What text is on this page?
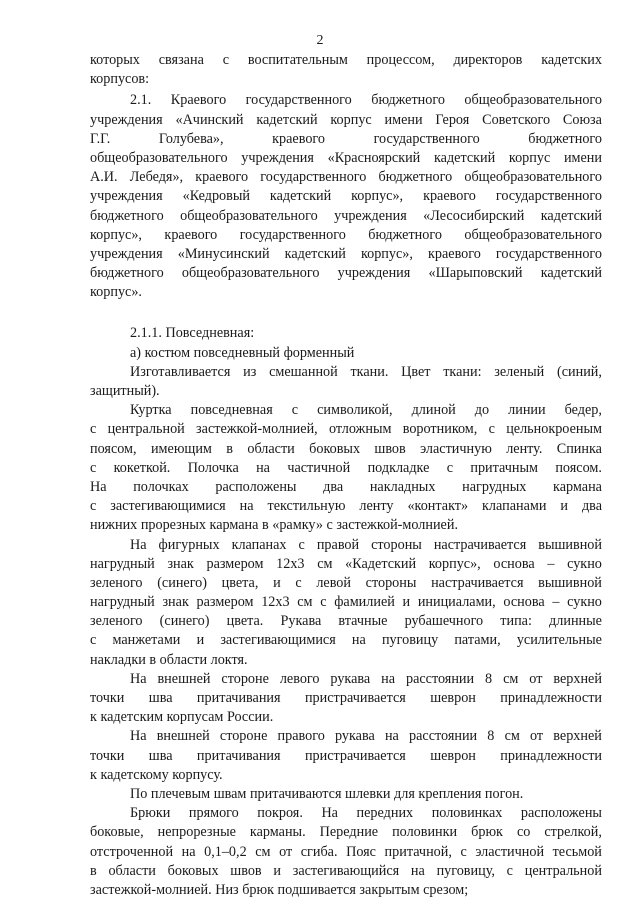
2
которых связана с воспитательным процессом, директоров кадетских
корпусов:
2.1. Краевого государственного бюджетного общеобразовательного
учреждения «Ачинский кадетский корпус имени Героя Советского Союза
Г.Г.	Голубева»,	краевого	государственного	бюджетного
общеобразовательного учреждения «Красноярский кадетский корпус имени
А.И. Лебедя», краевого государственного бюджетного общеобразовательного
учреждения «Кедровый кадетский корпус», краевого государственного
бюджетного общеобразовательного учреждения «Лесосибирский кадетский
корпус», краевого государственного бюджетного общеобразовательного
учреждения «Минусинский кадетский корпус», краевого государственного
бюджетного общеобразовательного учреждения «Шарыповский кадетский
корпус».
2.1.1. Повседневная:
а) костюм повседневный форменный
Изготавливается из смешанной ткани. Цвет ткани: зеленый (синий,
защитный).
Куртка повседневная с символикой, длиной до линии бедер,
с центральной застежкой-молнией, отложным воротником, с цельнокроеным
поясом, имеющим в области боковых швов эластичную ленту. Спинка
с кокеткой. Полочка на частичной подкладке с притачным поясом.
На полочках расположены два накладных нагрудных кармана
с застегивающимися на текстильную ленту «контакт» клапанами и два
нижних прорезных кармана в «рамку» с застежкой-молнией.
На фигурных клапанах с правой стороны настрачивается вышивной
нагрудный знак размером 12х3 см «Кадетский корпус», основа – сукно
зеленого (синего) цвета, и с левой стороны настрачивается вышивной
нагрудный знак размером 12х3 см с фамилией и инициалами, основа – сукно
зеленого (синего) цвета. Рукава втачные рубашечного типа: длинные
с манжетами и застегивающимися на пуговицу патами, усилительные
накладки в области локтя.
На внешней стороне левого рукава на расстоянии 8 см от верхней
точки шва притачивания пристрачивается шеврон принадлежности
к кадетским корпусам России.
На внешней стороне правого рукава на расстоянии 8 см от верхней
точки шва притачивания пристрачивается шеврон принадлежности
к кадетскому корпусу.
По плечевым швам притачиваются шлевки для крепления погон.
Брюки прямого покроя. На передних половинках расположены
боковые, непрорезные карманы. Передние половинки брюк со стрелкой,
отстроченной на 0,1–0,2 см от сгиба. Пояс притачной, с эластичной тесьмой
в области боковых швов и застегивающийся на пуговицу, с центральной
застежкой-молнией. Низ брюк подшивается закрытым срезом;
